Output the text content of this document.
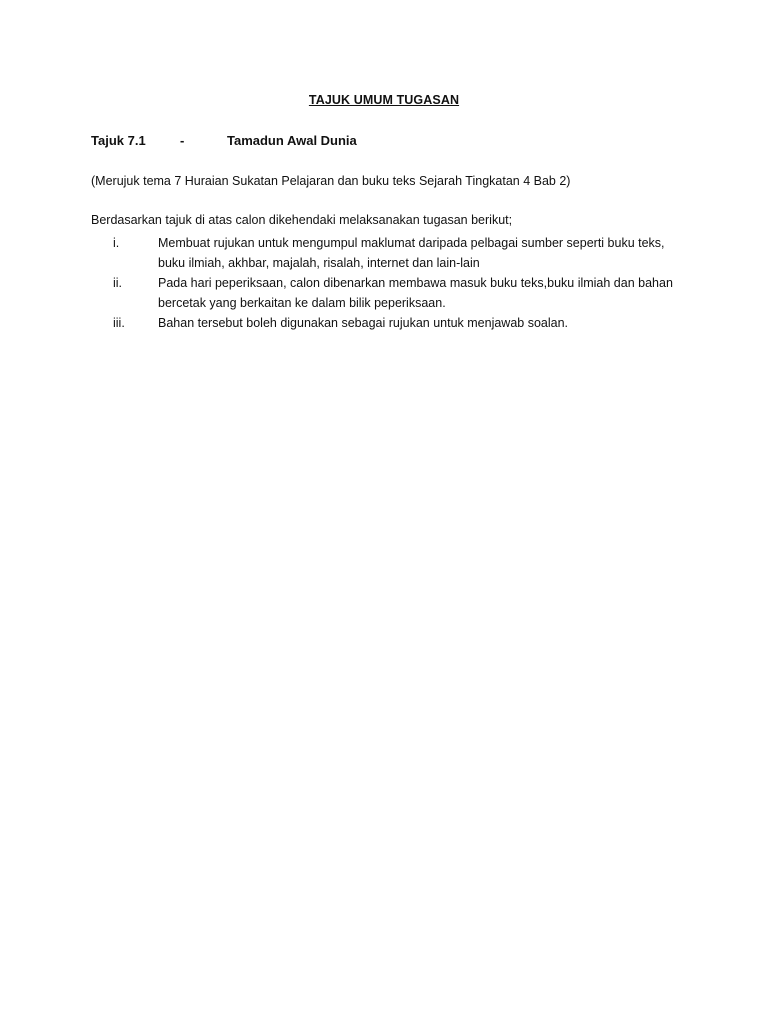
TAJUK UMUM TUGASAN
Tajuk 7.1	-	Tamadun Awal Dunia
(Merujuk tema 7 Huraian Sukatan Pelajaran dan buku teks Sejarah Tingkatan 4 Bab 2)
Berdasarkan tajuk di atas calon dikehendaki melaksanakan tugasan berikut;
i.	Membuat rujukan untuk mengumpul maklumat daripada pelbagai sumber seperti buku teks, buku ilmiah, akhbar, majalah, risalah, internet dan lain-lain
ii.	Pada hari peperiksaan, calon dibenarkan membawa masuk buku teks,buku ilmiah dan bahan bercetak yang berkaitan ke dalam bilik peperiksaan.
iii.	Bahan tersebut boleh digunakan sebagai rujukan untuk menjawab soalan.
